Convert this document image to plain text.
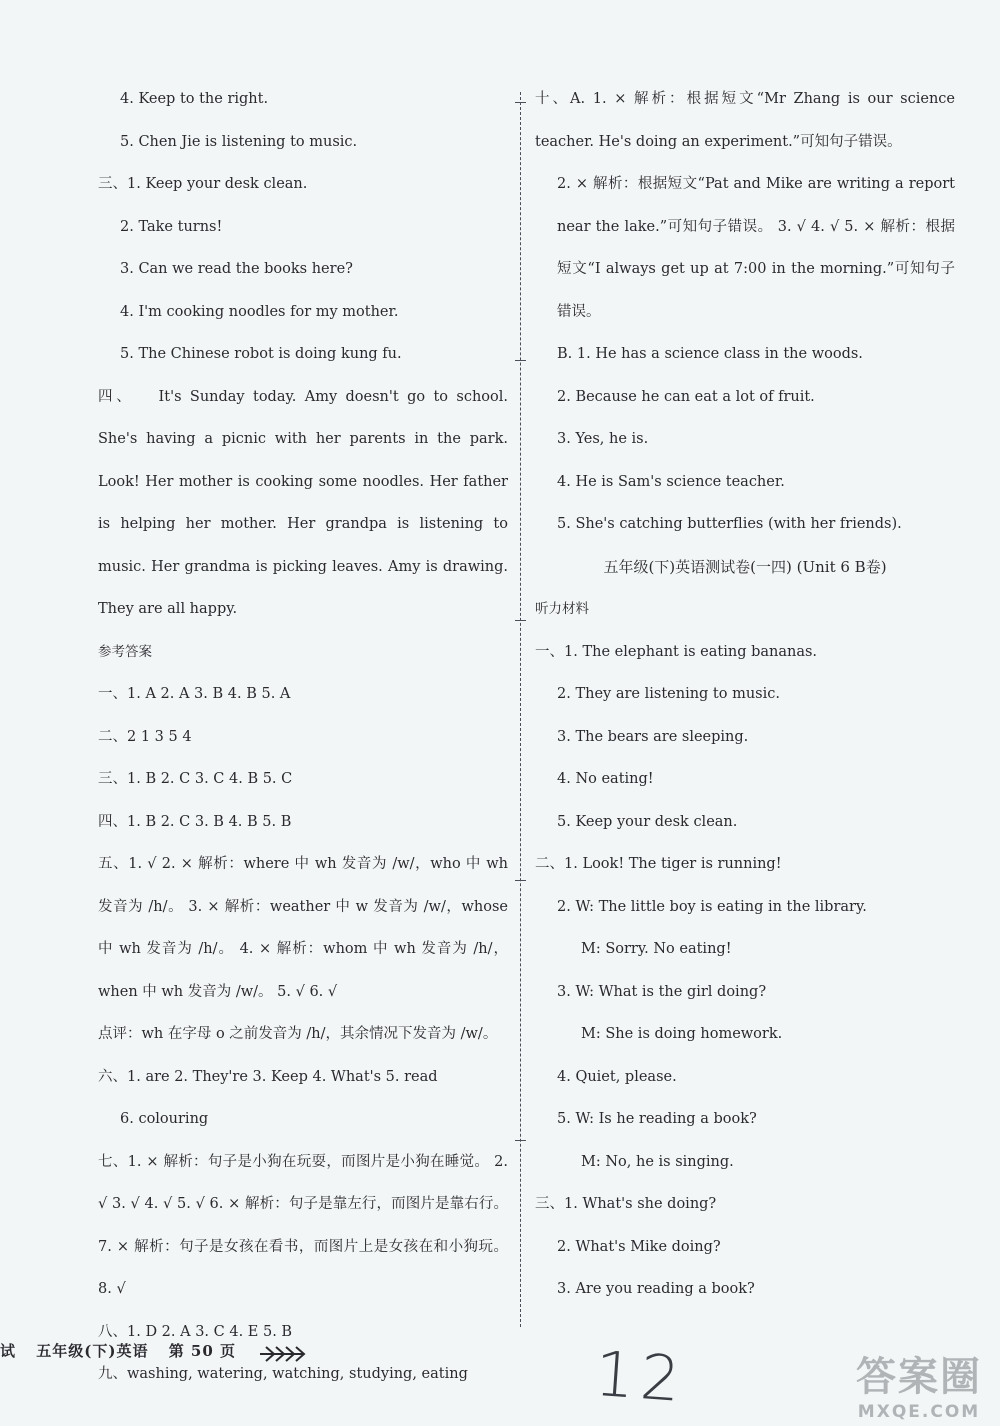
4. Keep to the right.
5. Chen Jie is listening to music.
三、1. Keep your desk clean.
2. Take turns!
3. Can we read the books here?
4. I'm cooking noodles for my mother.
5. The Chinese robot is doing kung fu.
四、 It's Sunday today. Amy doesn't go to school. She's having a picnic with her parents in the park. Look! Her mother is cooking some noodles. Her father is helping her mother. Her grandpa is listening to music. Her grandma is picking leaves. Amy is drawing. They are all happy.
参考答案
一、1. A 2. A 3. B 4. B 5. A
二、2 1 3 5 4
三、1. B 2. C 3. C 4. B 5. C
四、1. B 2. C 3. B 4. B 5. B
五、1. √ 2. × 解析：where 中 wh 发音为 /w/，who 中 wh 发音为 /h/。 3. × 解析：weather 中 w 发音为 /w/，whose 中 wh 发音为 /h/。 4. × 解析：whom 中 wh 发音为 /h/，when 中 wh 发音为 /w/。 5. √ 6. √
点评：wh 在字母 o 之前发音为 /h/，其余情况下发音为 /w/。
六、1. are 2. They're 3. Keep 4. What's 5. read
6. colouring
七、1. × 解析：句子是小狗在玩耍，而图片是小狗在睡觉。 2. √ 3. √ 4. √ 5. √ 6. × 解析：句子是靠左行，而图片是靠右行。 7. × 解析：句子是女孩在看书，而图片上是女孩在和小狗玩。 8. √
八、1. D 2. A 3. C 4. E 5. B
九、washing, watering, watching, studying, eating
十、A. 1. × 解析：根据短文“Mr Zhang is our science teacher. He's doing an experiment.”可知句子错误。
2. × 解析：根据短文“Pat and Mike are writing a report near the lake.”可知句子错误。 3. √ 4. √ 5. × 解析：根据短文“I always get up at 7:00 in the morning.”可知句子错误。
B. 1. He has a science class in the woods.
2. Because he can eat a lot of fruit.
3. Yes, he is.
4. He is Sam's science teacher.
5. She's catching butterflies (with her friends).
五年级(下)英语测试卷(一四) (Unit 6 B卷)
听力材料
一、1. The elephant is eating bananas.
2. They are listening to music.
3. The bears are sleeping.
4. No eating!
5. Keep your desk clean.
二、1. Look! The tiger is running!
2. W: The little boy is eating in the library.
M: Sorry. No eating!
3. W: What is the girl doing?
M: She is doing homework.
4. Quiet, please.
5. W: Is he reading a book?
M: No, he is singing.
三、1. What's she doing?
2. What's Mike doing?
3. Are you reading a book?
试 五年级(下)英语 第 50 页	12	答案圈
MXQE.COM
